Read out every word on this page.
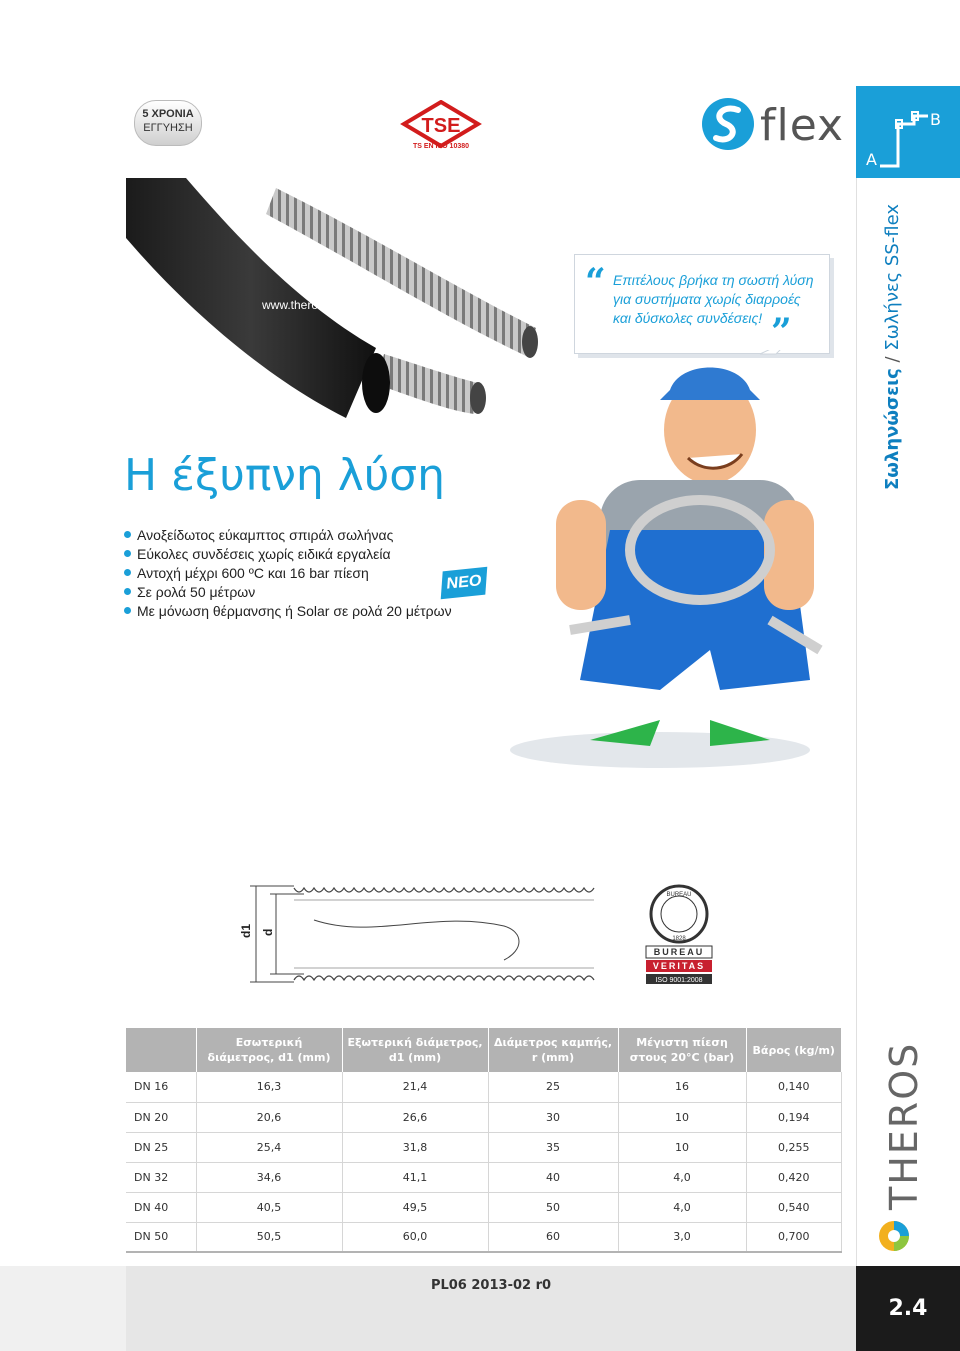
A
B
Σωληνώσεις / Σωλήνες SS-flex
THEROS
2.4
PL06 2013-02 r0
5 ΧΡΟΝΙΑ
ΕΓΓΥΗΣΗ	TSE
TS EN ISO 10380	flex
www.theros.gr
Η έξυπνη λύση
Ανοξείδωτος εύκαμπτος σπιράλ σωλήνας
Εύκολες συνδέσεις χωρίς ειδικά εργαλεία
Αντοχή μέχρι 600 ºC και 16 bar πίεση
Σε ρολά 50 μέτρων
Με μόνωση θέρμανσης ή Solar σε ρολά 20 μέτρων
ΝΕΟ
“ Επιτέλους βρήκα τη σωστή λύση
για συστήματα χωρίς διαρροές
και δύσκολες συνδέσεις! ”
d1 d
BUREAU
1828
BUREAU
VERITAS
ISO 9001:2008
	Εσωτερική διάμετρος, d1 (mm)	Εξωτερική διάμετρος, d1 (mm)	Διάμετρος καμπής, r (mm)	Μέγιστη πίεση στους 20°C (bar)	Βάρος (kg/m)
DN 16	16,3	21,4	25	16	0,140
DN 20	20,6	26,6	30	10	0,194
DN 25	25,4	31,8	35	10	0,255
DN 32	34,6	41,1	40	4,0	0,420
DN 40	40,5	49,5	50	4,0	0,540
DN 50	50,5	60,0	60	3,0	0,700
